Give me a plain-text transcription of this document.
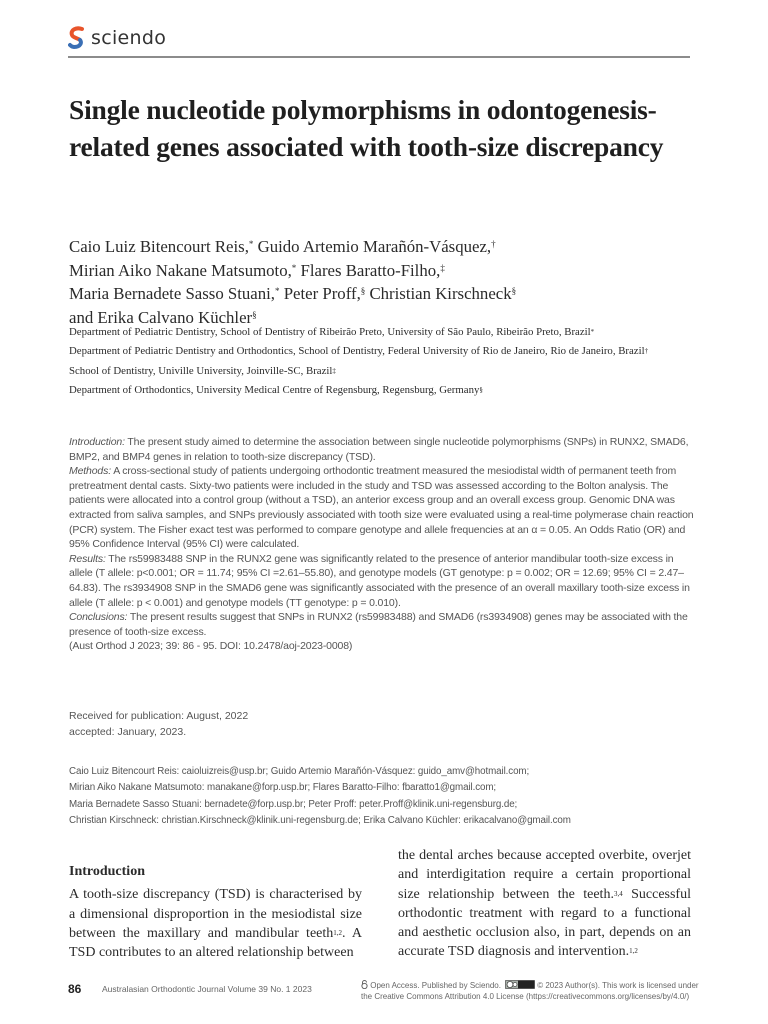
sciendo
Single nucleotide polymorphisms in odontogenesis-related genes associated with tooth-size discrepancy
Caio Luiz Bitencourt Reis,* Guido Artemio Marañón-Vásquez,†
Mirian Aiko Nakane Matsumoto,* Flares Baratto-Filho,‡
Maria Bernadete Sasso Stuani,* Peter Proff,§ Christian Kirschneck§
and Erika Calvano Küchler§
Department of Pediatric Dentistry, School of Dentistry of Ribeirão Preto, University of São Paulo, Ribeirão Preto, Brazil*
Department of Pediatric Dentistry and Orthodontics, School of Dentistry, Federal University of Rio de Janeiro, Rio de Janeiro, Brazil†
School of Dentistry, Univille University, Joinville-SC, Brazil‡
Department of Orthodontics, University Medical Centre of Regensburg, Regensburg, Germany§

Introduction: The present study aimed to determine the association between single nucleotide polymorphisms (SNPs) in RUNX2, SMAD6, BMP2, and BMP4 genes in relation to tooth-size discrepancy (TSD).

Methods: A cross-sectional study of patients undergoing orthodontic treatment measured the mesiodistal width of permanent teeth from pretreatment dental casts. Sixty-two patients were included in the study and TSD was assessed according to the Bolton analysis. The patients were allocated into a control group (without a TSD), an anterior excess group and an overall excess group. Genomic DNA was extracted from saliva samples, and SNPs previously associated with tooth size were evaluated using a real-time polymerase chain reaction (PCR) system. The Fisher exact test was performed to compare genotype and allele frequencies at an α = 0.05. An Odds Ratio (OR) and 95% Confidence Interval (95% CI) were calculated.

Results: The rs59983488 SNP in the RUNX2 gene was significantly related to the presence of anterior mandibular tooth-size excess in allele (T allele: p<0.001; OR = 11.74; 95% CI =2.61–55.80), and genotype models (GT genotype: p = 0.002; OR = 12.69; 95% CI = 2.47–64.83). The rs3934908 SNP in the SMAD6 gene was significantly associated with the presence of an overall maxillary tooth-size excess in allele (T allele: p < 0.001) and genotype models (TT genotype: p = 0.010).

Conclusions: The present results suggest that SNPs in RUNX2 (rs59983488) and SMAD6 (rs3934908) genes may be associated with the presence of tooth-size excess.

(Aust Orthod J 2023; 39: 86 - 95. DOI: 10.2478/aoj-2023-0008)

Received for publication: August, 2022
accepted: January, 2023.
Caio Luiz Bitencourt Reis: caioluizreis@usp.br; Guido Artemio Marañón-Vásquez: guido_amv@hotmail.com;
Mirian Aiko Nakane Matsumoto: manakane@forp.usp.br; Flares Baratto-Filho: fbaratto1@gmail.com;
Maria Bernadete Sasso Stuani: bernadete@forp.usp.br; Peter Proff: peter.Proff@klinik.uni-regensburg.de;
Christian Kirschneck: christian.Kirschneck@klinik.uni-regensburg.de; Erika Calvano Küchler: erikacalvano@gmail.com
Introduction

A tooth-size discrepancy (TSD) is characterised by a dimensional disproportion in the mesiodistal size between the maxillary and mandibular teeth$^{1,2}$. A TSD contributes to an altered relationship between

the dental arches because accepted overbite, overjet and interdigitation require a certain proportional size relationship between the teeth.$^{3,4}$ Successful orthodontic treatment with regard to a functional and aesthetic occlusion also, in part, depends on an accurate TSD diagnosis and intervention.$^{1,2}$

86 Australasian Orthodontic Journal Volume 39 No. 1 2023	Open Access. Published by Sciendo.	© 2023 Author(s). This work is licensed under the Creative Commons Attribution 4.0 License (https://creativecommons.org/licenses/by/4.0/)
